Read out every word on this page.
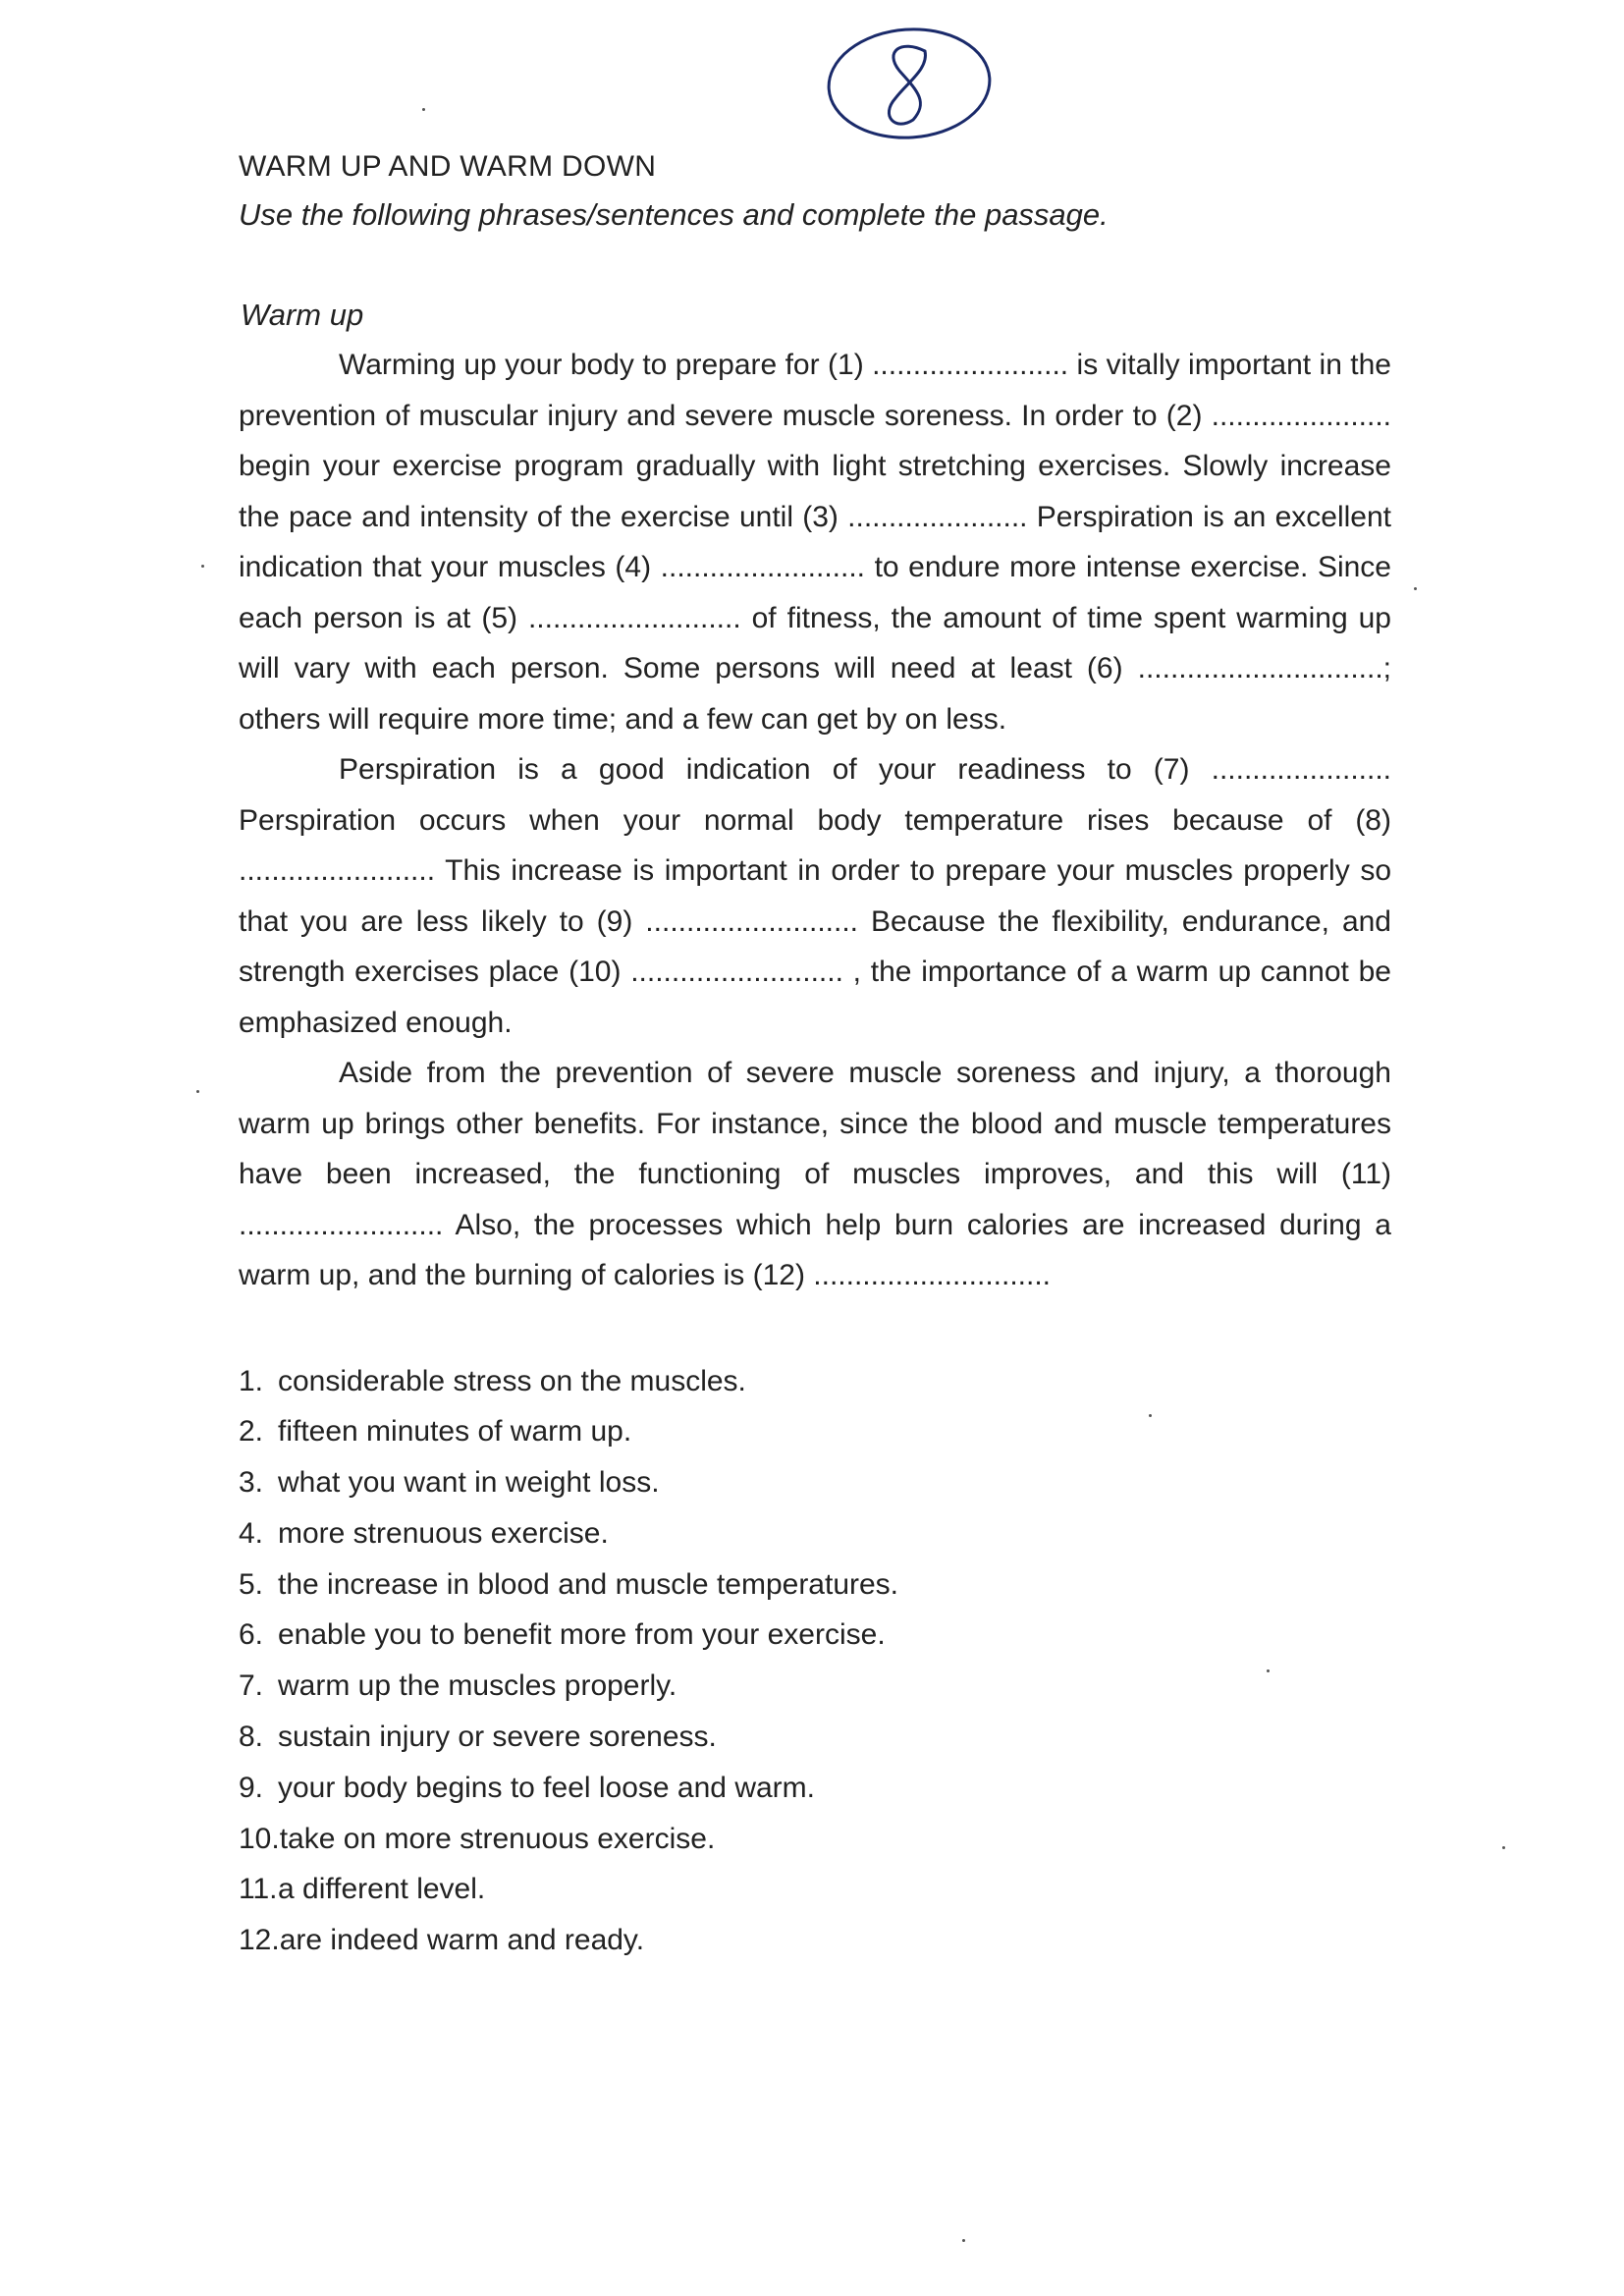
WARM UP AND WARM DOWN

Use the following phrases/sentences and complete the passage.

Warm up

Warming up your body to prepare for (1) ........................ is vitally important in the prevention of muscular injury and severe muscle soreness. In order to (2) ...................... begin your exercise program gradually with light stretching exercises. Slowly increase the pace and intensity of the exercise until (3) ...................... Perspiration is an excellent indication that your muscles (4) ......................... to endure more intense exercise. Since each person is at (5) .......................... of fitness, the amount of time spent warming up will vary with each person. Some persons will need at least (6) ..............................; others will require more time; and a few can get by on less.

Perspiration is a good indication of your readiness to (7) ...................... Perspiration occurs when your normal body temperature rises because of (8) ........................ This increase is important in order to prepare your muscles properly so that you are less likely to (9) .......................... Because the flexibility, endurance, and strength exercises place (10) .......................... , the importance of a warm up cannot be emphasized enough.

Aside from the prevention of severe muscle soreness and injury, a thorough warm up brings other benefits. For instance, since the blood and muscle temperatures have been increased, the functioning of muscles improves, and this will (11) ......................... Also, the processes which help burn calories are increased during a warm up, and the burning of calories is (12) .............................

1. considerable stress on the muscles.
2. fifteen minutes of warm up.
3. what you want in weight loss.
4. more strenuous exercise.
5. the increase in blood and muscle temperatures.
6. enable you to benefit more from your exercise.
7. warm up the muscles properly.
8. sustain injury or severe soreness.
9. your body begins to feel loose and warm.
10. take on more strenuous exercise.
11. a different level.
12. are indeed warm and ready.
